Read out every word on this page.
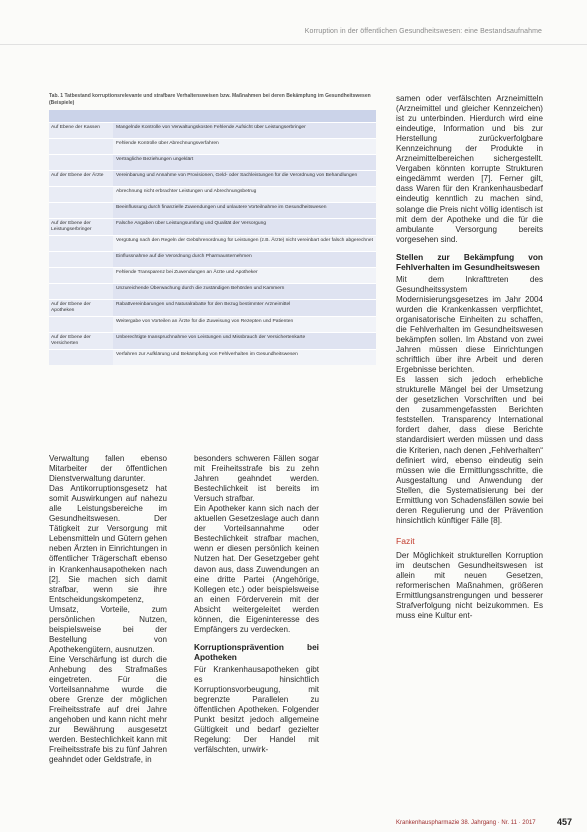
Korruption in der öffentlichen Gesundheitswesen: eine Bestandsaufnahme
Tab. 1 Tatbestand korruptionsrelevante und strafbare Verhaltensweisen bzw. Maßnahmen bei deren Bekämpfung im Gesundheitswesen (Beispiele)
Auf Ebene der Kassen	Mangelnde Kontrolle von Verwaltungskosten Fehlende Aufsicht über Leistungserbringer
Fehlende Kontrolle über Abrechnungsverfahren
Vertragliche Beziehungen ungeklärt
Auf der Ebene der Ärzte	Vereinbarung und Annahme von Provisionen, Geld- oder Sachleistungen für die Verordnung von Behandlungen
Abrechnung nicht erbrachter Leistungen und Abrechnungsbetrug
Beeinflussung durch finanzielle Zuwendungen und unlautere Vorteilnahme im Gesundheitswesen
Auf der Ebene der Leistungserbringer
Falsche Angaben über Leistungsumfang und Qualität der Versorgung
Vergütung nach den Regeln der Gebührenordnung für Leistungen (z.B. Ärzte) nicht vereinbart oder falsch abgerechnet
Einflussnahme auf die Verordnung durch Pharmaunternehmen
Fehlende Transparenz bei Zuwendungen an Ärzte und Apotheker
Unzureichende Überwachung durch die zuständigen Behörden und Kammern
Auf der Ebene der Apotheken
Rabattvereinbarungen und Naturalrabatte für den Bezug bestimmter Arzneimittel
Weitergabe von Vorteilen an Ärzte für die Zuweisung von Rezepten und Patienten
Auf der Ebene der Versicherten
Unberechtigte Inanspruchnahme von Leistungen und Missbrauch der Versichertenkarte
Verfahren zur Aufklärung und Bekämpfung von Fehlverhalten im Gesundheitswesen

Verwaltung fallen ebenso Mitarbeiter der öffentlichen Dienstverwaltung darunter.

Das Antikorruptionsgesetz hat somit Auswirkungen auf nahezu alle Leistungsbereiche im Gesundheitswesen. Der Tätigkeit zur Versorgung mit Lebensmitteln und Gütern gehen neben Ärzten in Einrichtungen in öffentlicher Trägerschaft ebenso in Krankenhausapotheken nach [2]. Sie machen sich damit strafbar, wenn sie ihre Entscheidungskompetenz, Umsatz, Vorteile, zum persönlichen Nutzen, beispielsweise bei der Bestellung von Apothekengütern, ausnutzen.

Eine Verschärfung ist durch die Anhebung des Strafmaßes eingetreten. Für die Vorteilsannahme wurde die obere Grenze der möglichen Freiheitsstrafe auf drei Jahre angehoben und kann nicht mehr zur Bewährung ausgesetzt werden. Bestechlichkeit kann mit Freiheitsstrafe bis zu fünf Jahren geahndet oder Geldstrafe, in

besonders schweren Fällen sogar mit Freiheitsstrafe bis zu zehn Jahren geahndet werden. Bestechlichkeit ist bereits im Versuch strafbar.

Ein Apotheker kann sich nach der aktuellen Gesetzeslage auch dann der Vorteilsannahme oder Bestechlichkeit strafbar machen, wenn er diesen persönlich keinen Nutzen hat. Der Gesetzgeber geht davon aus, dass Zuwendungen an eine dritte Partei (Angehörige, Kollegen etc.) oder beispielsweise an einen Förderverein mit der Absicht weitergeleitet werden können, die Eigeninteresse des Empfängers zu verdecken.

Korruptionsprävention bei Apotheken

Für Krankenhausapotheken gibt es hinsichtlich Korruptionsvorbeugung, mit begrenzte Parallelen zu öffentlichen Apotheken. Folgender Punkt besitzt jedoch allgemeine Gültigkeit und bedarf gezielter Regelung: Der Handel mit verfälschten, unwirk-

samen oder verfälschten Arzneimitteln (Arzneimittel und gleicher Kennzeichen) ist zu unterbinden. Hierdurch wird eine eindeutige, Information und bis zur Herstellung zurückverfolgbare Kennzeichnung der Produkte in Arzneimittelbereichen sichergestellt. Vergaben könnten korrupte Strukturen eingedämmt werden [7]. Ferner gilt, dass Waren für den Krankenhausbedarf eindeutig kenntlich zu machen sind, solange die Preis nicht völlig identisch ist mit dem der Apotheke und die für die ambulante Versorgung bereits vorgesehen sind.

Stellen zur Bekämpfung von Fehlverhalten im Gesundheitswesen

Mit dem Inkrafttreten des Gesundheitssystem Modernisierungsgesetzes im Jahr 2004 wurden die Krankenkassen verpflichtet, organisatorische Einheiten zu schaffen, die Fehlverhalten im Gesundheitswesen bekämpfen sollen. Im Abstand von zwei Jahren müssen diese Einrichtungen schriftlich über ihre Arbeit und deren Ergebnisse berichten.

Es lassen sich jedoch erhebliche strukturelle Mängel bei der Umsetzung der gesetzlichen Vorschriften und bei den zusammengefassten Berichten feststellen. Transparency International fordert daher, dass diese Berichte standardisiert werden müssen und dass die Kriterien, nach denen „Fehlverhalten“ definiert wird, ebenso eindeutig sein müssen wie die Ermittlungsschritte, die Ausgestaltung und Anwendung der Stellen, die Systematisierung bei der Ermittlung von Schadensfällen sowie bei deren Regulierung und der Prävention hinsichtlich künftiger Fälle [8].

Fazit

Der Möglichkeit strukturellen Korruption im deutschen Gesundheitswesen ist allein mit neuen Gesetzen, reformerischen Maßnahmen, größeren Ermittlungsanstrengungen und besserer Strafverfolgung nicht beizukommen. Es muss eine Kultur ent-

Krankenhauspharmazie 38. Jahrgang · Nr. 11 · 2017 457
